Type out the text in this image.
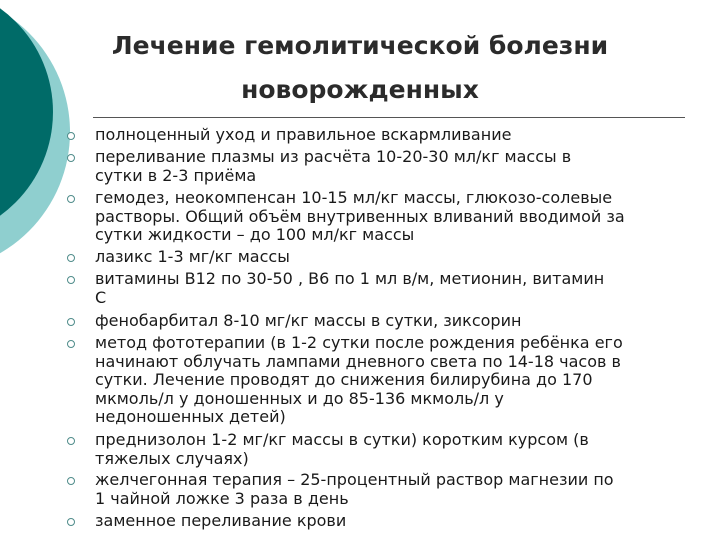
Лечение гемолитической болезни
новорожденных
полноценный уход и правильное вскармливание
переливание плазмы из расчёта 10-20-30 мл/кг массы в
сутки в 2-3 приёма
гемодез, неокомпенсан 10-15 мл/кг массы, глюкозо-солевые
растворы. Общий объём внутривенных вливаний вводимой за
сутки жидкости – до 100 мл/кг массы
лазикс 1-3 мг/кг массы
витамины В12 по 30-50 , В6 по 1 мл в/м, метионин, витамин
С
фенобарбитал 8-10 мг/кг массы в сутки, зиксорин
метод фототерапии (в 1-2 сутки после рождения ребёнка его
начинают облучать лампами дневного света по 14-18 часов в
сутки. Лечение проводят до снижения билирубина до 170
мкмоль/л у доношенных и до 85-136 мкмоль/л у
недоношенных детей)
преднизолон 1-2 мг/кг массы в сутки) коротким курсом (в
тяжелых случаях)
желчегонная терапия – 25-процентный раствор магнезии по
1 чайной ложке 3 раза в день
заменное переливание крови
